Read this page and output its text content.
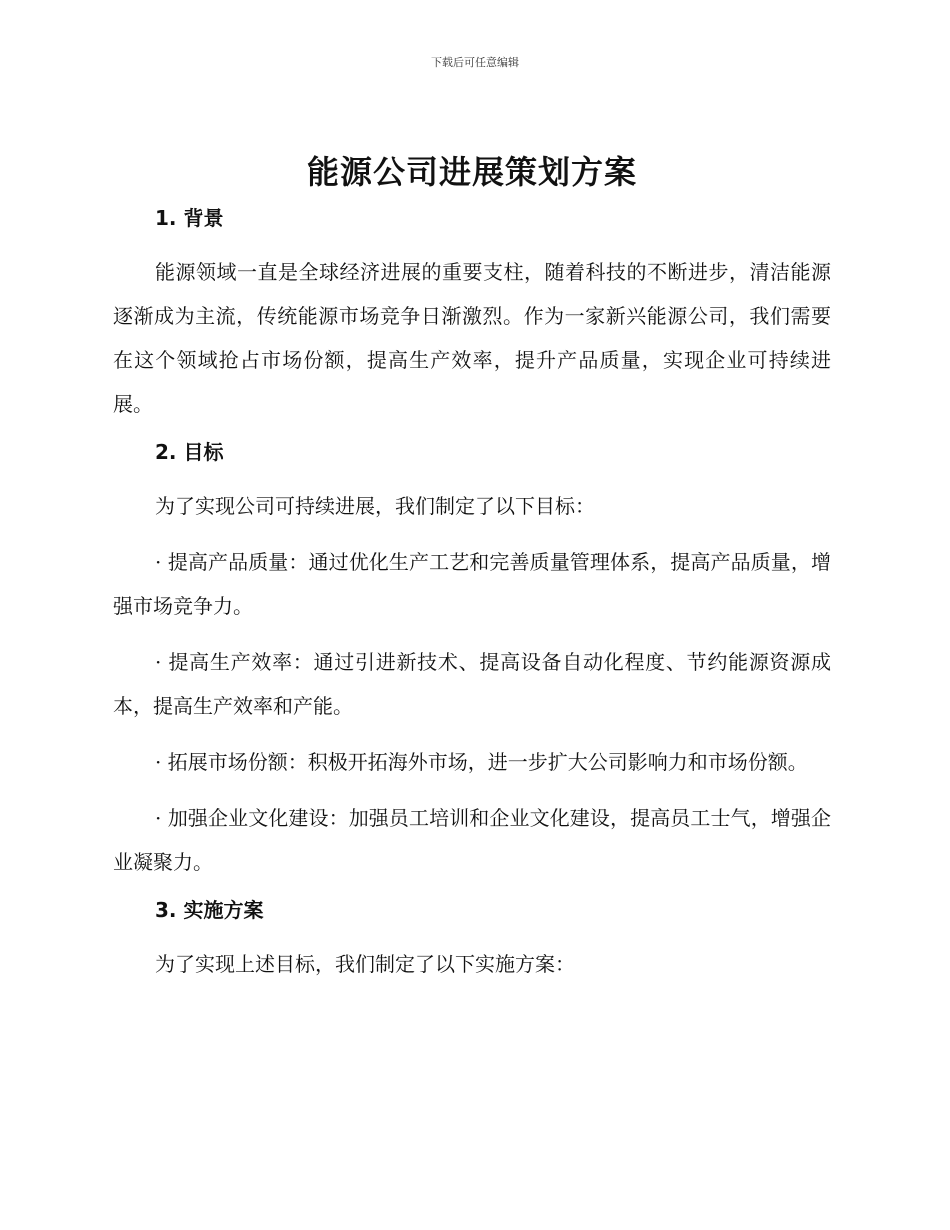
下载后可任意编辑
能源公司进展策划方案
1. 背景

能源领域一直是全球经济进展的重要支柱，随着科技的不断进步，清洁能源逐渐成为主流，传统能源市场竞争日渐激烈。作为一家新兴能源公司，我们需要在这个领域抢占市场份额，提高生产效率，提升产品质量，实现企业可持续进展。

2. 目标

为了实现公司可持续进展，我们制定了以下目标：

· 提高产品质量：通过优化生产工艺和完善质量管理体系，提高产品质量，增强市场竞争力。

· 提高生产效率：通过引进新技术、提高设备自动化程度、节约能源资源成本，提高生产效率和产能。

· 拓展市场份额：积极开拓海外市场，进一步扩大公司影响力和市场份额。

· 加强企业文化建设：加强员工培训和企业文化建设，提高员工士气，增强企业凝聚力。

3. 实施方案

为了实现上述目标，我们制定了以下实施方案：
